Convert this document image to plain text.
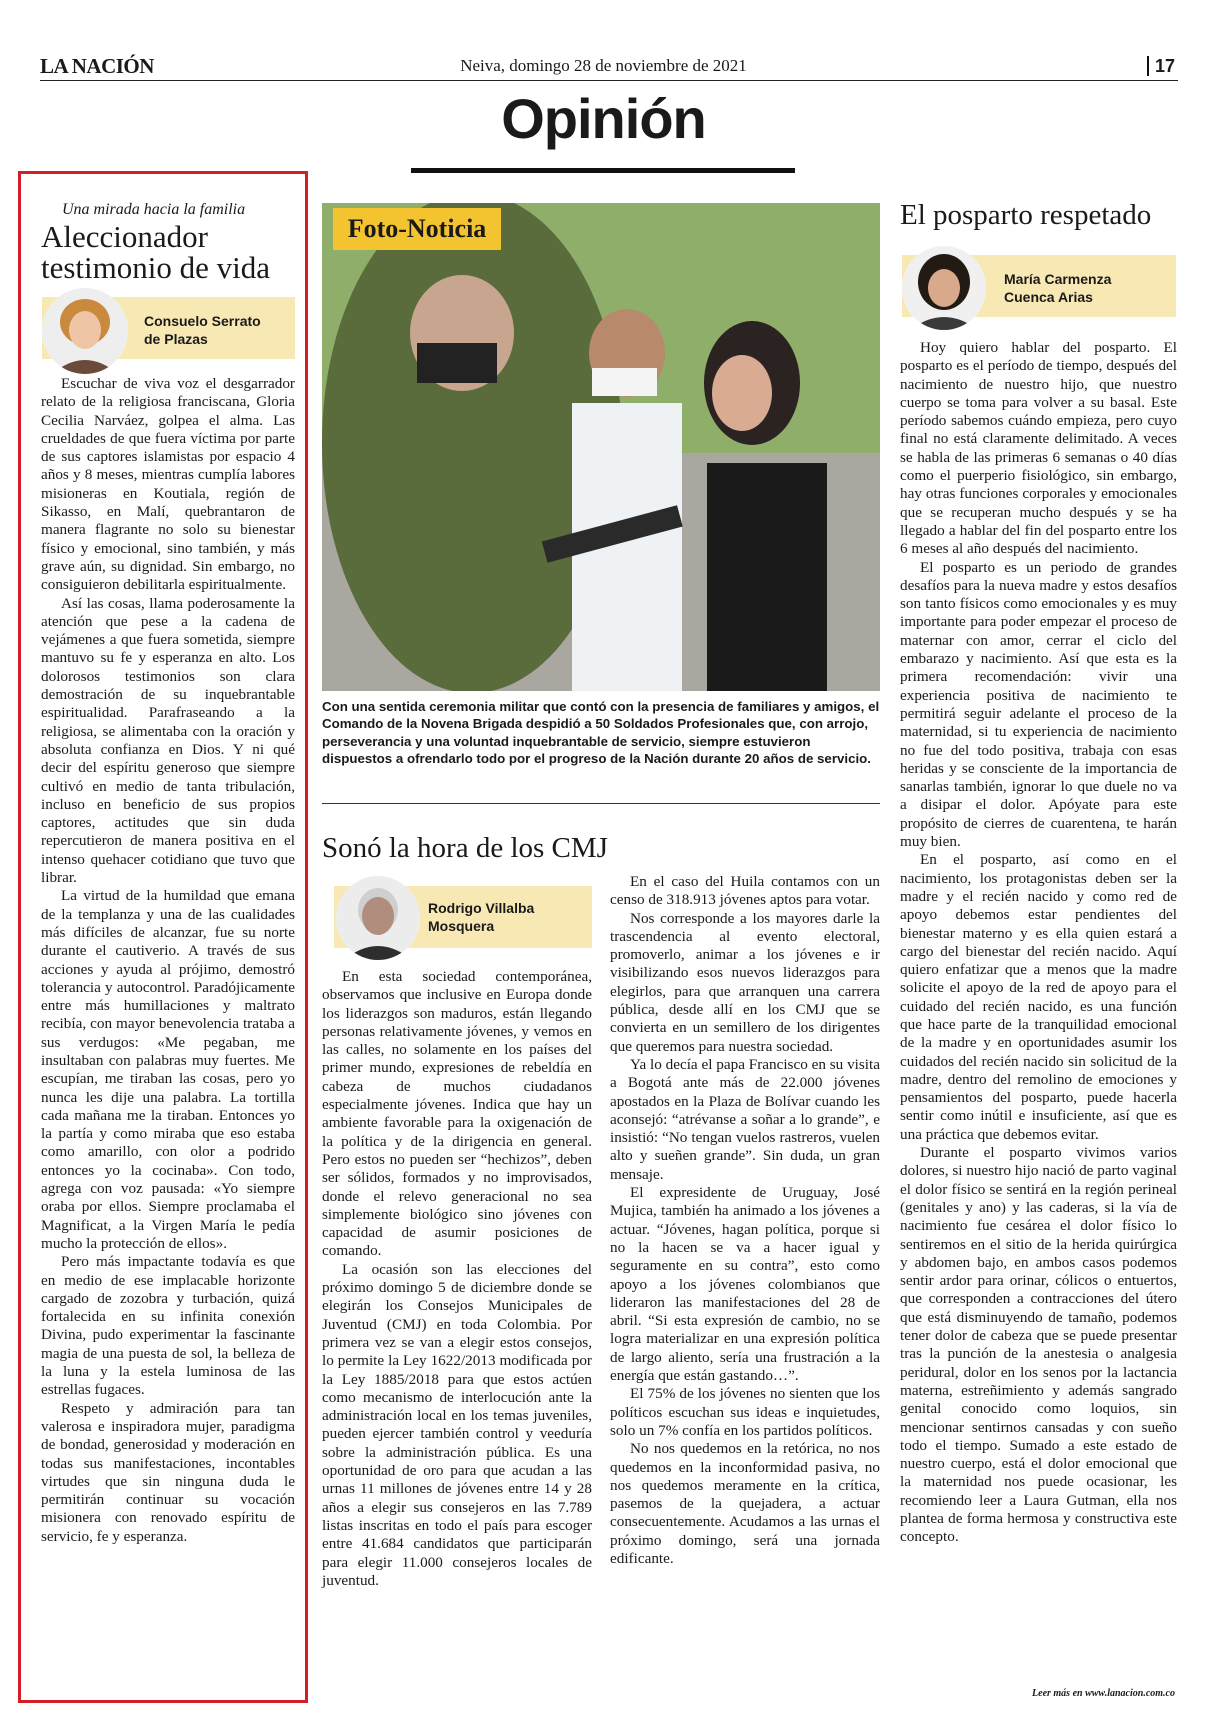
LA NACIÓN	Neiva, domingo 28 de noviembre de 2021	17
Opinión
Una mirada hacia la familia
Aleccionador
testimonio de vida
Consuelo Serrato
de Plazas

Escuchar de viva voz el desgarrador relato de la religiosa franciscana, Gloria Cecilia Narváez, golpea el alma. Las crueldades de que fuera víctima por parte de sus captores islamistas por espacio 4 años y 8 meses, mientras cumplía labores misioneras en Koutiala, región de Sikasso, en Malí, quebrantaron de manera flagrante no solo su bienestar físico y emocional, sino también, y más grave aún, su dignidad. Sin embargo, no consiguieron debilitarla espiritualmente.

Así las cosas, llama poderosamente la atención que pese a la cadena de vejámenes a que fuera sometida, siempre mantuvo su fe y esperanza en alto. Los dolorosos testimonios son clara demostración de su inquebrantable espiritualidad. Parafraseando a la religiosa, se alimentaba con la oración y absoluta confianza en Dios. Y ni qué decir del espíritu generoso que siempre cultivó en medio de tanta tribulación, incluso en beneficio de sus propios captores, actitudes que sin duda repercutieron de manera positiva en el intenso quehacer cotidiano que tuvo que librar.

La virtud de la humildad que emana de la templanza y una de las cualidades más difíciles de alcanzar, fue su norte durante el cautiverio. A través de sus acciones y ayuda al prójimo, demostró tolerancia y autocontrol. Paradójicamente entre más humillaciones y maltrato recibía, con mayor benevolencia trataba a sus verdugos: «Me pegaban, me insultaban con palabras muy fuertes. Me escupían, me tiraban las cosas, pero yo nunca les dije una palabra. La tortilla cada mañana me la tiraban. Entonces yo la partía y como miraba que eso estaba como amarillo, con olor a podrido entonces yo la cocinaba». Con todo, agrega con voz pausada: «Yo siempre oraba por ellos. Siempre proclamaba el Magnificat, a la Virgen María le pedía mucho la protección de ellos».

Pero más impactante todavía es que en medio de ese implacable horizonte cargado de zozobra y turbación, quizá fortalecida en su infinita conexión Divina, pudo experimentar la fascinante magia de una puesta de sol, la belleza de la luna y la estela luminosa de las estrellas fugaces.

Respeto y admiración para tan valerosa e inspiradora mujer, paradigma de bondad, generosidad y moderación en todas sus manifestaciones, incontables virtudes que sin ninguna duda le permitirán continuar su vocación misionera con renovado espíritu de servicio, fe y esperanza.

Foto-Noticia
Con una sentida ceremonia militar que contó con la presencia de familiares y amigos, el Comando de la Novena Brigada despidió a 50 Soldados Profesionales que, con arrojo, perseverancia y una voluntad inquebrantable de servicio, siempre estuvieron dispuestos a ofrendarlo todo por el progreso de la Nación durante 20 años de servicio.
Sonó la hora de los CMJ
Rodrigo Villalba
Mosquera

En esta sociedad contemporánea, observamos que inclusive en Europa donde los liderazgos son maduros, están llegando personas relativamente jóvenes, y vemos en las calles, no solamente en los países del primer mundo, expresiones de rebeldía en cabeza de muchos ciudadanos especialmente jóvenes. Indica que hay un ambiente favorable para la oxigenación de la política y de la dirigencia en general. Pero estos no pueden ser “hechizos”, deben ser sólidos, formados y no improvisados, donde el relevo generacional no sea simplemente biológico sino jóvenes con capacidad de asumir posiciones de comando.

La ocasión son las elecciones del próximo domingo 5 de diciembre donde se elegirán los Consejos Municipales de Juventud (CMJ) en toda Colombia. Por primera vez se van a elegir estos consejos, lo permite la Ley 1622/2013 modificada por la Ley 1885/2018 para que estos actúen como mecanismo de interlocución ante la administración local en los temas juveniles, pueden ejercer también control y veeduría sobre la administración pública. Es una oportunidad de oro para que acudan a las urnas 11 millones de jóvenes entre 14 y 28 años a elegir sus consejeros en las 7.789 listas inscritas en todo el país para escoger entre 41.684 candidatos que participarán para elegir 11.000 consejeros locales de juventud.

En el caso del Huila contamos con un censo de 318.913 jóvenes aptos para votar.

Nos corresponde a los mayores darle la trascendencia al evento electoral, promoverlo, animar a los jóvenes e ir visibilizando esos nuevos liderazgos para elegirlos, para que arranquen una carrera pública, desde allí en los CMJ que se convierta en un semillero de los dirigentes que queremos para nuestra sociedad.

Ya lo decía el papa Francisco en su visita a Bogotá ante más de 22.000 jóvenes apostados en la Plaza de Bolívar cuando les aconsejó: “atrévanse a soñar a lo grande”, e insistió: “No tengan vuelos rastreros, vuelen alto y sueñen grande”. Sin duda, un gran mensaje.

El expresidente de Uruguay, José Mujica, también ha animado a los jóvenes a actuar. “Jóvenes, hagan política, porque si no la hacen se va a hacer igual y seguramente en su contra”, esto como apoyo a los jóvenes colombianos que lideraron las manifestaciones del 28 de abril. “Si esta expresión de cambio, no se logra materializar en una expresión política de largo aliento, sería una frustración a la energía que están gastando…”.

El 75% de los jóvenes no sienten que los políticos escuchan sus ideas e inquietudes, solo un 7% confía en los partidos políticos.

No nos quedemos en la retórica, no nos quedemos en la inconformidad pasiva, no nos quedemos meramente en la crítica, pasemos de la quejadera, a actuar consecuentemente. Acudamos a las urnas el próximo domingo, será una jornada edificante.

El posparto respetado
María Carmenza
Cuenca Arias

Hoy quiero hablar del posparto. El posparto es el período de tiempo, después del nacimiento de nuestro hijo, que nuestro cuerpo se toma para volver a su basal. Este período sabemos cuándo empieza, pero cuyo final no está claramente delimitado. A veces se habla de las primeras 6 semanas o 40 días como el puerperio fisiológico, sin embargo, hay otras funciones corporales y emocionales que se recuperan mucho después y se ha llegado a hablar del fin del posparto entre los 6 meses al año después del nacimiento.

El posparto es un periodo de grandes desafíos para la nueva madre y estos desafíos son tanto físicos como emocionales y es muy importante para poder empezar el proceso de maternar con amor, cerrar el ciclo del embarazo y nacimiento. Así que esta es la primera recomendación: vivir una experiencia positiva de nacimiento te permitirá seguir adelante el proceso de la maternidad, si tu experiencia de nacimiento no fue del todo positiva, trabaja con esas heridas y se consciente de la importancia de sanarlas también, ignorar lo que duele no va a disipar el dolor. Apóyate para este propósito de cierres de cuarentena, te harán muy bien.

En el posparto, así como en el nacimiento, los protagonistas deben ser la madre y el recién nacido y como red de apoyo debemos estar pendientes del bienestar materno y es ella quien estará a cargo del bienestar del recién nacido. Aquí quiero enfatizar que a menos que la madre solicite el apoyo de la red de apoyo para el cuidado del recién nacido, es una función que hace parte de la tranquilidad emocional de la madre y en oportunidades asumir los cuidados del recién nacido sin solicitud de la madre, dentro del remolino de emociones y pensamientos del posparto, puede hacerla sentir como inútil e insuficiente, así que es una práctica que debemos evitar.

Durante el posparto vivimos varios dolores, si nuestro hijo nació de parto vaginal el dolor físico se sentirá en la región perineal (genitales y ano) y las caderas, si la vía de nacimiento fue cesárea el dolor físico lo sentiremos en el sitio de la herida quirúrgica y abdomen bajo, en ambos casos podemos sentir ardor para orinar, cólicos o entuertos, que corresponden a contracciones del útero que está disminuyendo de tamaño, podemos tener dolor de cabeza que se puede presentar tras la punción de la anestesia o analgesia peridural, dolor en los senos por la lactancia materna, estreñimiento y además sangrado genital conocido como loquios, sin mencionar sentirnos cansadas y con sueño todo el tiempo. Sumado a este estado de nuestro cuerpo, está el dolor emocional que la maternidad nos puede ocasionar, les recomiendo leer a Laura Gutman, ella nos plantea de forma hermosa y constructiva este concepto.

Leer más en www.lanacion.com.co
